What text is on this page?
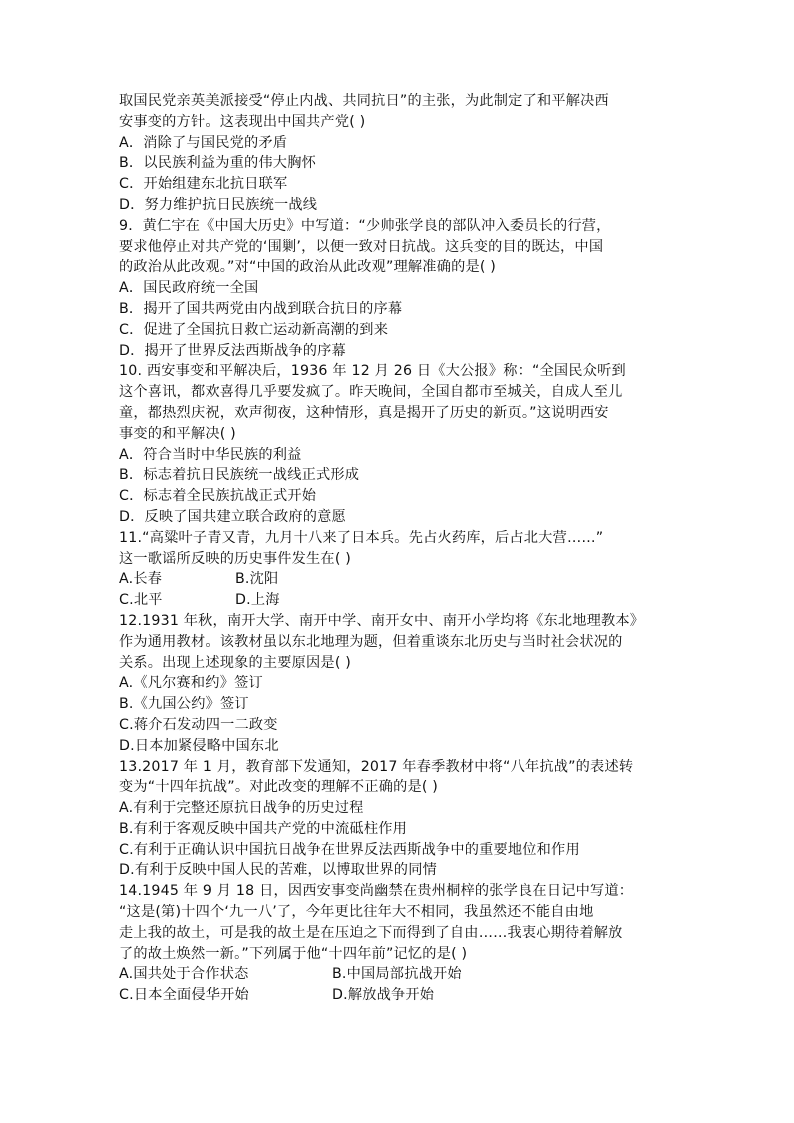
取国民党亲英美派接受“停止内战、共同抗日”的主张，为此制定了和平解决西
安事变的方针。这表现出中国共产党( )
A．消除了与国民党的矛盾
B．以民族利益为重的伟大胸怀
C．开始组建东北抗日联军
D．努力维护抗日民族统一战线
9．黄仁宇在《中国大历史》中写道：“少帅张学良的部队冲入委员长的行营，
要求他停止对共产党的‘围剿’，以便一致对日抗战。这兵变的目的既达，中国
的政治从此改观。”对“中国的政治从此改观”理解准确的是( )
A．国民政府统一全国
B．揭开了国共两党由内战到联合抗日的序幕
C．促进了全国抗日救亡运动新高潮的到来
D．揭开了世界反法西斯战争的序幕
10. 西安事变和平解决后，1936 年 12 月 26 日《大公报》称：“全国民众听到
这个喜讯，都欢喜得几乎要发疯了。昨天晚间，全国自都市至城关，自成人至儿
童，都热烈庆祝，欢声彻夜，这种情形，真是揭开了历史的新页。”这说明西安
事变的和平解决( )
A．符合当时中华民族的利益
B．标志着抗日民族统一战线正式形成
C．标志着全民族抗战正式开始
D．反映了国共建立联合政府的意愿
11.“高粱叶子青又青，九月十八来了日本兵。先占火药库，后占北大营……”
这一歌谣所反映的历史事件发生在( )
A.长春	B.沈阳
C.北平	D.上海
12.1931 年秋，南开大学、南开中学、南开女中、南开小学均将《东北地理教本》
作为通用教材。该教材虽以东北地理为题，但着重谈东北历史与当时社会状况的
关系。出现上述现象的主要原因是( )
A.《凡尔赛和约》签订
B.《九国公约》签订
C.蒋介石发动四一二政变
D.日本加紧侵略中国东北
13.2017 年 1 月，教育部下发通知，2017 年春季教材中将“八年抗战”的表述转
变为“十四年抗战”。对此改变的理解不正确的是( )
A.有利于完整还原抗日战争的历史过程
B.有利于客观反映中国共产党的中流砥柱作用
C.有利于正确认识中国抗日战争在世界反法西斯战争中的重要地位和作用
D.有利于反映中国人民的苦难，以博取世界的同情
14.1945 年 9 月 18 日，因西安事变尚幽禁在贵州桐梓的张学良在日记中写道：
“这是(第)十四个‘九一八’了，今年更比往年大不相同，我虽然还不能自由地
走上我的故土，可是我的故土是在压迫之下而得到了自由……我衷心期待着解放
了的故土焕然一新。”下列属于他“十四年前”记忆的是( )
A.国共处于合作状态	B.中国局部抗战开始
C.日本全面侵华开始	D.解放战争开始
